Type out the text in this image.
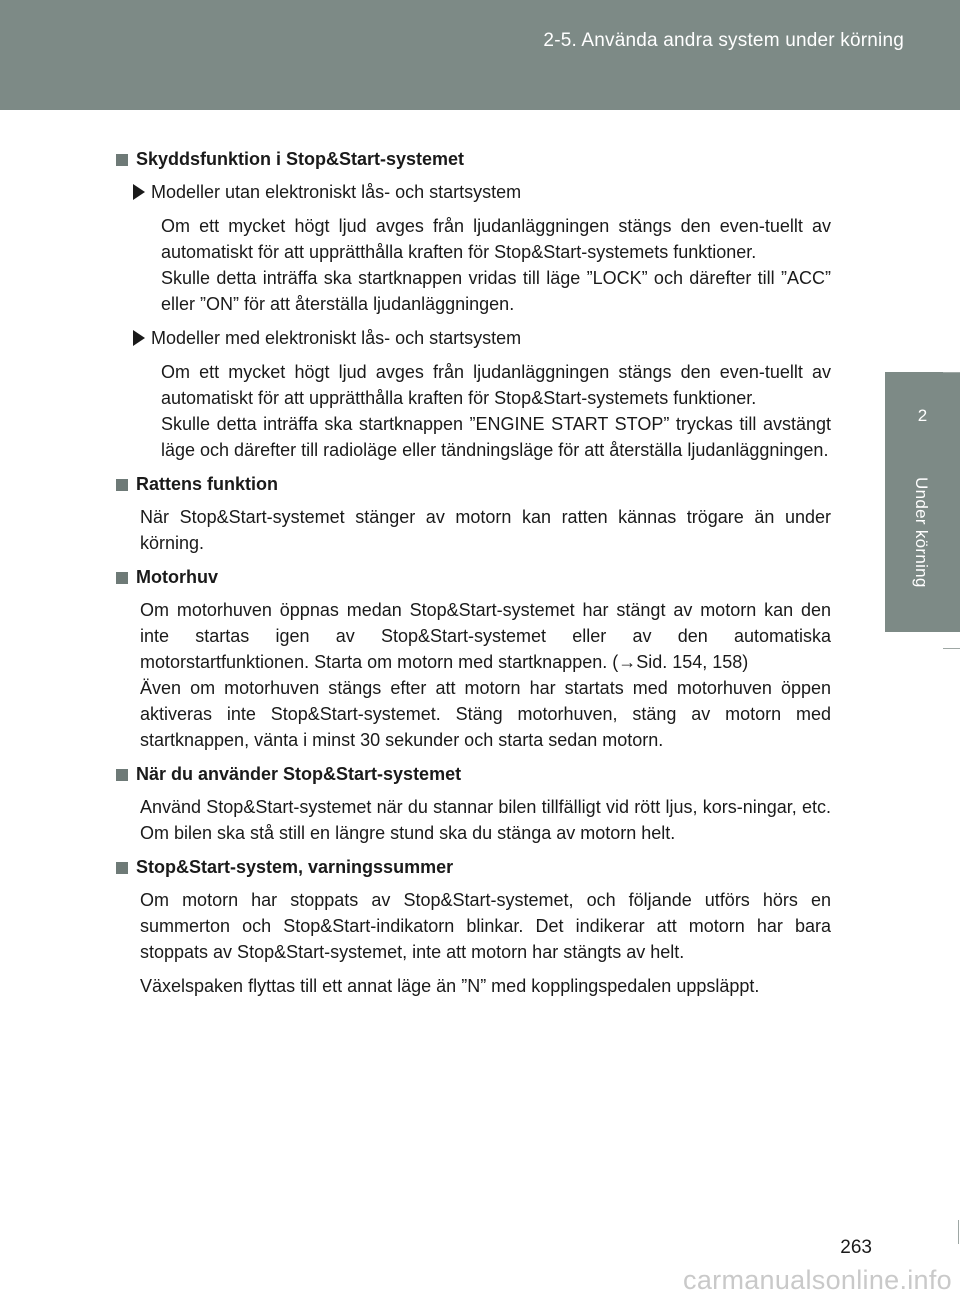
2-5. Använda andra system under körning
2
Under körning
Skyddsfunktion i Stop&Start-systemet
Modeller utan elektroniskt lås- och startsystem

Om ett mycket högt ljud avges från ljudanläggningen stängs den even-tuellt av automatiskt för att upprätthålla kraften för Stop&Start-systemets funktioner.

Skulle detta inträffa ska startknappen vridas till läge ”LOCK” och därefter till ”ACC” eller ”ON” för att återställa ljudanläggningen.

Modeller med elektroniskt lås- och startsystem

Om ett mycket högt ljud avges från ljudanläggningen stängs den even-tuellt av automatiskt för att upprätthålla kraften för Stop&Start-systemets funktioner.

Skulle detta inträffa ska startknappen ”ENGINE START STOP” tryckas till avstängt läge och därefter till radioläge eller tändningsläge för att återställa ljudanläggningen.

Rattens funktion

När Stop&Start-systemet stänger av motorn kan ratten kännas trögare än under körning.

Motorhuv

Om motorhuven öppnas medan Stop&Start-systemet har stängt av motorn kan den inte startas igen av Stop&Start-systemet eller av den automatiska motorstartfunktionen. Starta om motorn med startknappen. (→Sid. 154, 158)

Även om motorhuven stängs efter att motorn har startats med motorhuven öppen aktiveras inte Stop&Start-systemet. Stäng motorhuven, stäng av motorn med startknappen, vänta i minst 30 sekunder och starta sedan motorn.

När du använder Stop&Start-systemet

Använd Stop&Start-systemet när du stannar bilen tillfälligt vid rött ljus, kors-ningar, etc. Om bilen ska stå still en längre stund ska du stänga av motorn helt.

Stop&Start-system, varningssummer

Om motorn har stoppats av Stop&Start-systemet, och följande utförs hörs en summerton och Stop&Start-indikatorn blinkar. Det indikerar att motorn har bara stoppats av Stop&Start-systemet, inte att motorn har stängts av helt.

Växelspaken flyttas till ett annat läge än ”N” med kopplingspedalen uppsläppt.

263
carmanualsonline.info
